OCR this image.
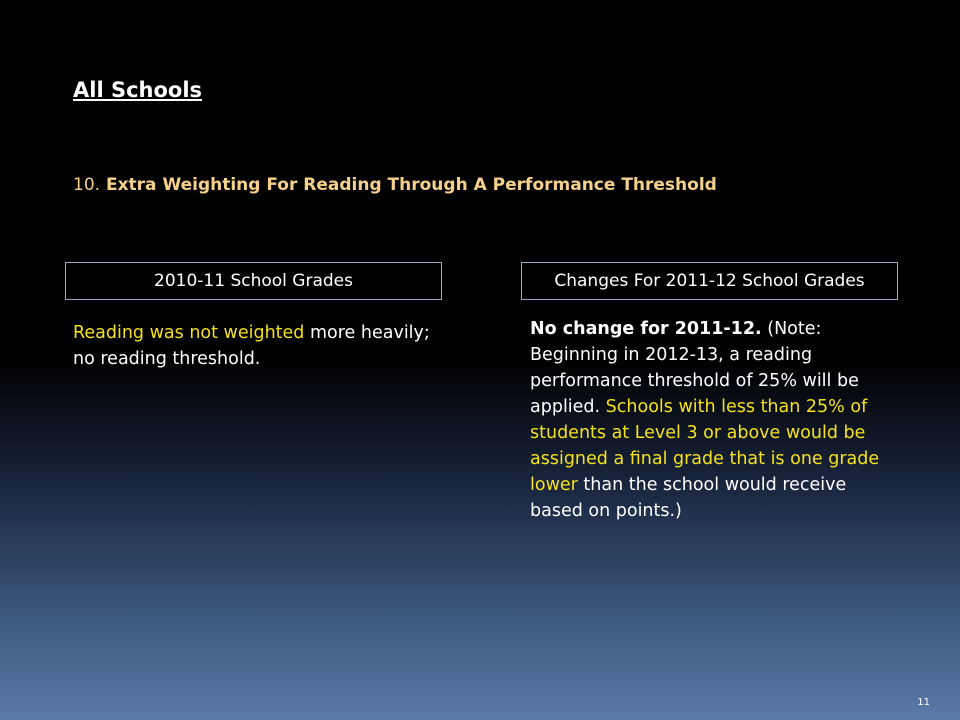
All Schools
10. Extra Weighting For Reading Through A Performance Threshold
2010-11 School Grades	Changes For 2011-12 School Grades
Reading was not weighted more heavily; no reading threshold.
No change for 2011-12. (Note: Beginning in 2012-13, a reading performance threshold of 25% will be applied. Schools with less than 25% of students at Level 3 or above would be assigned a final grade that is one grade lower than the school would receive based on points.)
11
